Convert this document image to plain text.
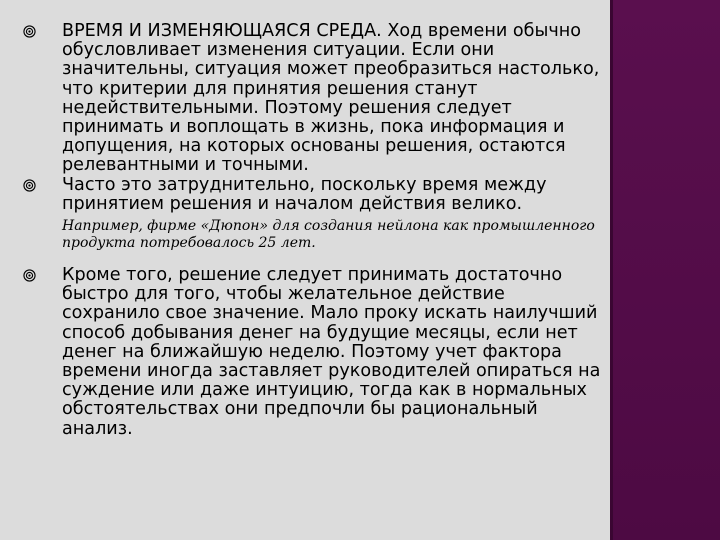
ВРЕМЯ И ИЗМЕНЯЮЩАЯСЯ СРЕДА. Ход времени обычно обусловливает изменения ситуации. Если они значительны, ситуация может преобразиться настолько, что критерии для принятия решения станут недействительными. Поэтому решения следует принимать и воплощать в жизнь, пока информация и допущения, на которых основаны решения, остаются релевантными и точными.
Часто это затруднительно, поскольку время между принятием решения и началом действия велико.
Например, фирме «Дюпон» для создания нейлона как промышленного продукта потребовалось 25 лет.
Кроме того, решение следует принимать достаточно быстро для того, чтобы желательное действие сохранило свое значение. Мало проку искать наилучший способ добывания денег на будущие месяцы, если нет денег на ближайшую неделю. Поэтому учет фактора времени иногда заставляет руководителей опираться на суждение или даже интуицию, тогда как в нормальных обстоятельствах они предпочли бы рациональный анализ.
